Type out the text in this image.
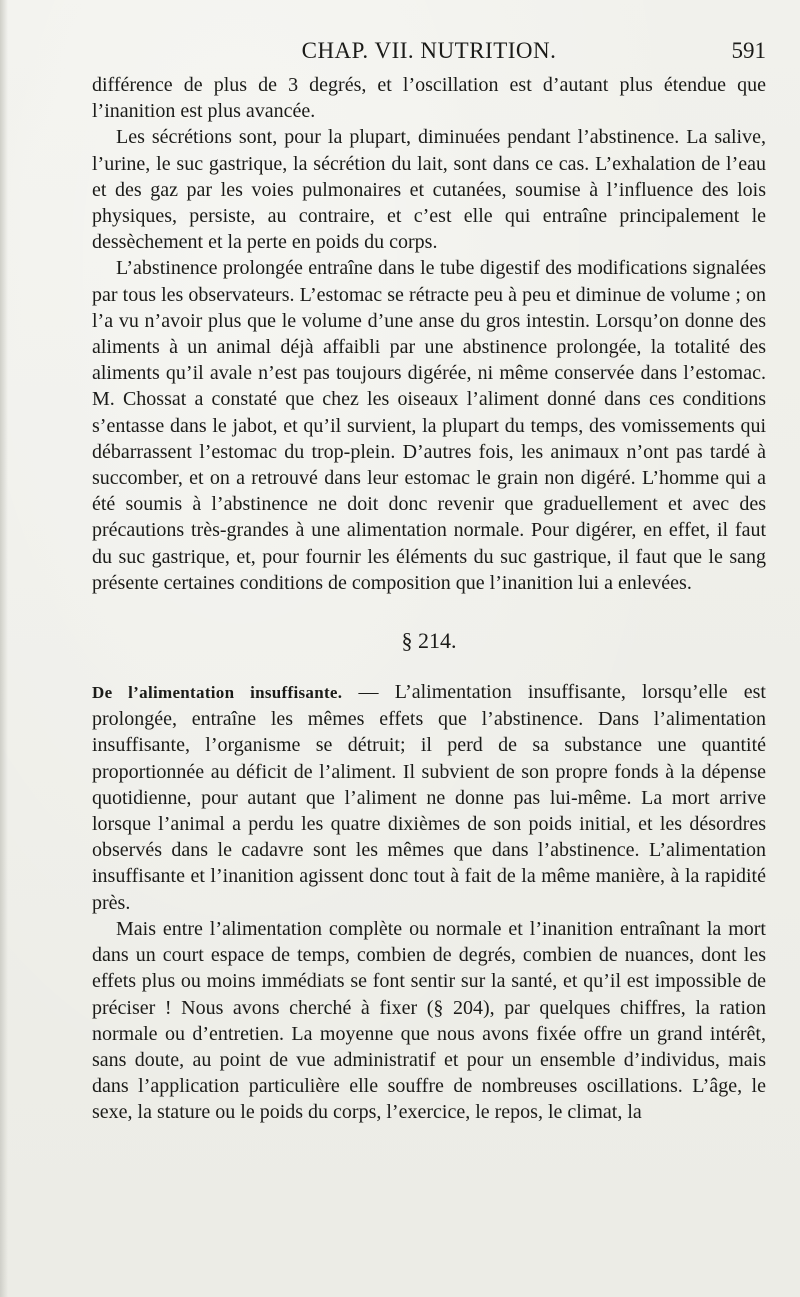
CHAP. VII. NUTRITION.	591

différence de plus de 3 degrés, et l’oscillation est d’autant plus étendue que l’inanition est plus avancée.

Les sécrétions sont, pour la plupart, diminuées pendant l’abstinence. La salive, l’urine, le suc gastrique, la sécrétion du lait, sont dans ce cas. L’exhalation de l’eau et des gaz par les voies pulmonaires et cutanées, soumise à l’influence des lois physiques, persiste, au contraire, et c’est elle qui entraîne principalement le dessèchement et la perte en poids du corps.

L’abstinence prolongée entraîne dans le tube digestif des modifications signalées par tous les observateurs. L’estomac se rétracte peu à peu et diminue de volume ; on l’a vu n’avoir plus que le volume d’une anse du gros intestin. Lorsqu’on donne des aliments à un animal déjà affaibli par une abstinence prolongée, la totalité des aliments qu’il avale n’est pas toujours digérée, ni même conservée dans l’estomac. M. Chossat a constaté que chez les oiseaux l’aliment donné dans ces conditions s’entasse dans le jabot, et qu’il survient, la plupart du temps, des vomissements qui débarrassent l’estomac du trop-plein. D’autres fois, les animaux n’ont pas tardé à succomber, et on a retrouvé dans leur estomac le grain non digéré. L’homme qui a été soumis à l’abstinence ne doit donc revenir que graduellement et avec des précautions très-grandes à une alimentation normale. Pour digérer, en effet, il faut du suc gastrique, et, pour fournir les éléments du suc gastrique, il faut que le sang présente certaines conditions de composition que l’inanition lui a enlevées.

§ 214.

De l’alimentation insuffisante. — L’alimentation insuffisante, lorsqu’elle est prolongée, entraîne les mêmes effets que l’abstinence. Dans l’alimentation insuffisante, l’organisme se détruit; il perd de sa substance une quantité proportionnée au déficit de l’aliment. Il subvient de son propre fonds à la dépense quotidienne, pour autant que l’aliment ne donne pas lui-même. La mort arrive lorsque l’animal a perdu les quatre dixièmes de son poids initial, et les désordres observés dans le cadavre sont les mêmes que dans l’abstinence. L’alimentation insuffisante et l’inanition agissent donc tout à fait de la même manière, à la rapidité près.

Mais entre l’alimentation complète ou normale et l’inanition entraînant la mort dans un court espace de temps, combien de degrés, combien de nuances, dont les effets plus ou moins immédiats se font sentir sur la santé, et qu’il est impossible de préciser ! Nous avons cherché à fixer (§ 204), par quelques chiffres, la ration normale ou d’entretien. La moyenne que nous avons fixée offre un grand intérêt, sans doute, au point de vue administratif et pour un ensemble d’individus, mais dans l’application particulière elle souffre de nombreuses oscillations. L’âge, le sexe, la stature ou le poids du corps, l’exercice, le repos, le climat, la
